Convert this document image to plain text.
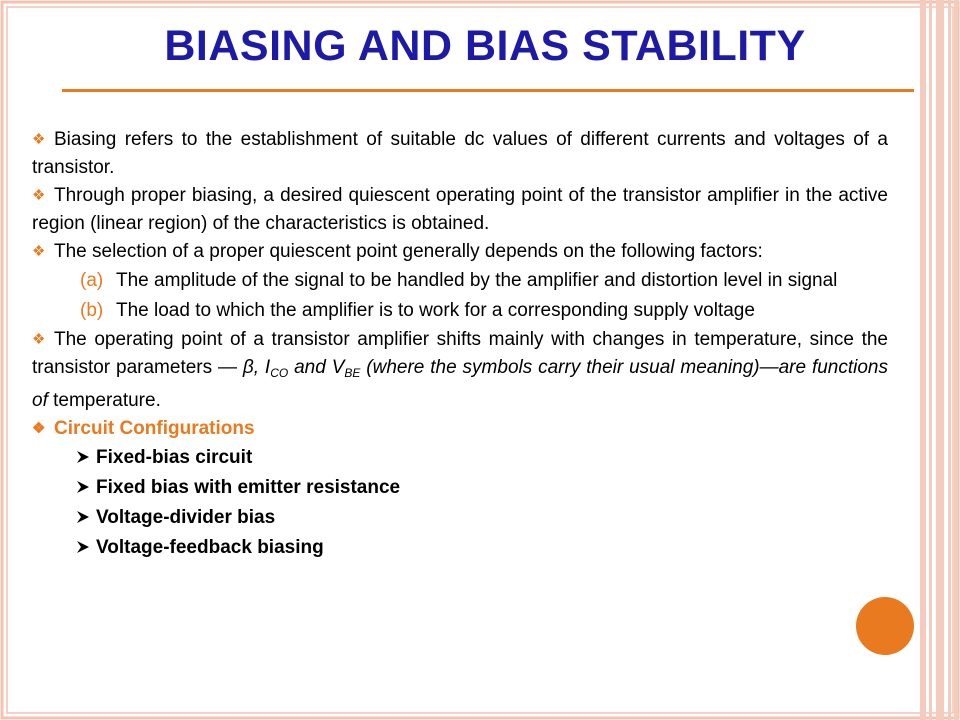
BIASING AND BIAS STABILITY

❖ Biasing refers to the establishment of suitable dc values of different currents and voltages of a transistor.

❖ Through proper biasing, a desired quiescent operating point of the transistor amplifier in the active region (linear region) of the characteristics is obtained.

❖ The selection of a proper quiescent point generally depends on the following factors:

(a) The amplitude of the signal to be handled by the amplifier and distortion level in signal
(b) The load to which the amplifier is to work for a corresponding supply voltage

❖ The operating point of a transistor amplifier shifts mainly with changes in temperature, since the transistor parameters — β, $I_{CO}$ and $V_{BE}$ (where the symbols carry their usual meaning)—are functions of temperature.

❖ Circuit Configurations

Fixed-bias circuit
Fixed bias with emitter resistance
Voltage-divider bias
Voltage-feedback biasing
